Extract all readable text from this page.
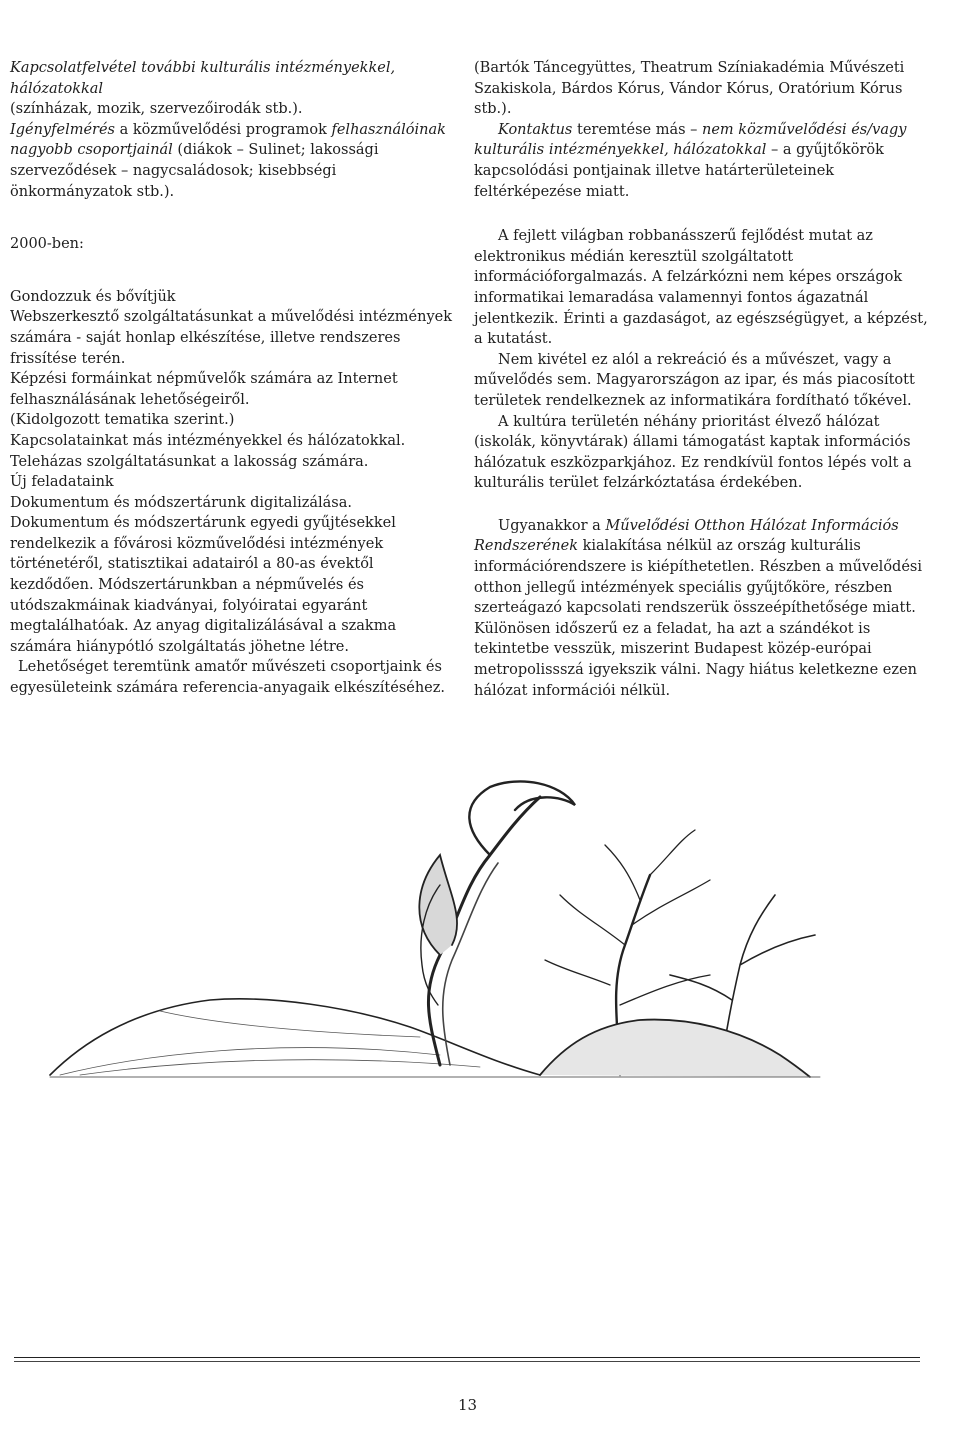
Kapcsolatfelvétel további kulturális intézményekkel, hálózatokkal
(színházak, mozik, szervezőirodák stb.).

Igényfelmérés a közművelődési programok felhasználóinak nagyobb csoportjainál (diákok – Sulinet; lakossági szerveződések – nagycsaládosok; kisebbségi önkormányzatok stb.).

2000-ben:

Gondozzuk és bővítjük

Webszerkesztő szolgáltatásunkat a művelődési intézmények számára - saját honlap elkészítése, illetve rendszeres frissítése terén.

Képzési formáinkat népművelők számára az Internet felhasználásának lehetőségeiről.

(Kidolgozott tematika szerint.)

Kapcsolatainkat más intézményekkel és hálózatokkal.

Teleházas szolgáltatásunkat a lakosság számára.

Új feladataink

Dokumentum és módszertárunk digitalizálása.

Dokumentum és módszertárunk egyedi gyűjtésekkel rendelkezik a fővárosi közművelődési intézmények történetéről, statisztikai adatairól a 80-as évektől kezdődően. Módszertárunkban a népművelés és utódszakmáinak kiadványai, folyóiratai egyaránt megtalálhatóak. Az anyag digitalizálásával a szakma számára hiánypótló szolgáltatás jöhetne létre.

Lehetőséget teremtünk amatőr művészeti csoportjaink és egyesületeink számára referencia-anyagaik elkészítéséhez.

(Bartók Táncegyüttes, Theatrum Színiakadémia Művészeti Szakiskola, Bárdos Kórus, Vándor Kórus, Oratórium Kórus stb.).

Kontaktus teremtése más – nem közművelődési és/vagy kulturális intézményekkel, hálózatokkal – a gyűjtőkörök kapcsolódási pontjainak illetve határterületeinek feltérképezése miatt.

A fejlett világban robbanásszerű fejlődést mutat az elektronikus médián keresztül szolgáltatott információforgalmazás. A felzárkózni nem képes országok informatikai lemaradása valamennyi fontos ágazatnál jelentkezik. Érinti a gazdaságot, az egészségügyet, a képzést, a kutatást.

Nem kivétel ez alól a rekreáció és a művészet, vagy a művelődés sem. Magyarországon az ipar, és más piacosított területek rendelkeznek az informatikára fordítható tőkével.

A kultúra területén néhány prioritást élvező hálózat (iskolák, könyvtárak) állami támogatást kaptak információs hálózatuk eszközparkjához. Ez rendkívül fontos lépés volt a kulturális terület felzárkóztatása érdekében.

Ugyanakkor a Művelődési Otthon Hálózat Információs Rendszerének kialakítása nélkül az ország kulturális információrendszere is kiépíthetetlen. Részben a művelődési otthon jellegű intézmények speciális gyűjtőköre, részben szerteágazó kapcsolati rendszerük összeépíthetősége miatt. Különösen időszerű ez a feladat, ha azt a szándékot is tekintetbe vesszük, miszerint Budapest közép-európai metropolissszá igyekszik válni. Nagy hiátus keletkezne ezen hálózat információi nélkül.

13
